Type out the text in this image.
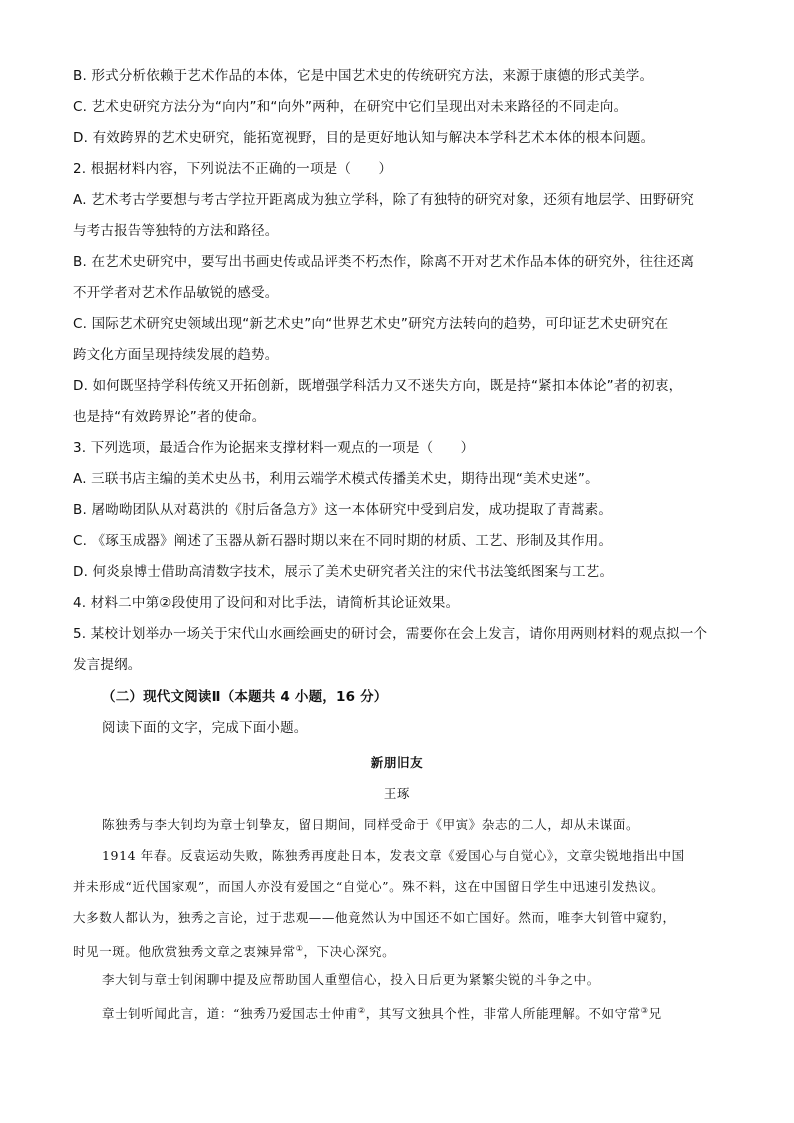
B. 形式分析依赖于艺术作品的本体，它是中国艺术史的传统研究方法，来源于康德的形式美学。
C. 艺术史研究方法分为“向内”和“向外”两种，在研究中它们呈现出对未来路径的不同走向。
D. 有效跨界的艺术史研究，能拓宽视野，目的是更好地认知与解决本学科艺术本体的根本问题。
2. 根据材料内容，下列说法不正确的一项是（　　）
A. 艺术考古学要想与考古学拉开距离成为独立学科，除了有独特的研究对象，还须有地层学、田野研究
与考古报告等独特的方法和路径。
B. 在艺术史研究中，要写出书画史传或品评类不朽杰作，除离不开对艺术作品本体的研究外，往往还离
不开学者对艺术作品敏锐的感受。
C. 国际艺术研究史领域出现“新艺术史”向“世界艺术史”研究方法转向的趋势，可印证艺术史研究在
跨文化方面呈现持续发展的趋势。
D. 如何既坚持学科传统又开拓创新，既增强学科活力又不迷失方向，既是持“紧扣本体论”者的初衷，
也是持“有效跨界论”者的使命。
3. 下列选项，最适合作为论据来支撑材料一观点的一项是（　　）
A. 三联书店主编的美术史丛书，利用云端学术模式传播美术史，期待出现“美术史迷”。
B. 屠呦呦团队从对葛洪的《肘后备急方》这一本体研究中受到启发，成功提取了青蒿素。
C. 《琢玉成器》阐述了玉器从新石器时期以来在不同时期的材质、工艺、形制及其作用。
D. 何炎泉博士借助高清数字技术，展示了美术史研究者关注的宋代书法笺纸图案与工艺。
4. 材料二中第②段使用了设问和对比手法，请简析其论证效果。
5. 某校计划举办一场关于宋代山水画绘画史的研讨会，需要你在会上发言，请你用两则材料的观点拟一个
发言提纲。
（二）现代文阅读Ⅱ（本题共 4 小题，16 分）
阅读下面的文字，完成下面小题。
新朋旧友
王琢
陈独秀与李大钊均为章士钊挚友，留日期间，同样受命于《甲寅》杂志的二人，却从未谋面。
1914 年春。反袁运动失败，陈独秀再度赴日本，发表文章《爱国心与自觉心》，文章尖锐地指出中国
并未形成“近代国家观”，而国人亦没有爱国之“自觉心”。殊不料，这在中国留日学生中迅速引发热议。
大多数人都认为，独秀之言论，过于悲观——他竟然认为中国还不如亡国好。然而，唯李大钊管中窥豹，
时见一斑。他欣赏独秀文章之衷辣异常①，下决心深究。
李大钊与章士钊闲聊中提及应帮助国人重塑信心，投入日后更为紧繁尖锐的斗争之中。
章士钊听闻此言，道：“独秀乃爱国志士仲甫②，其写文独具个性，非常人所能理解。不如守常③兄
